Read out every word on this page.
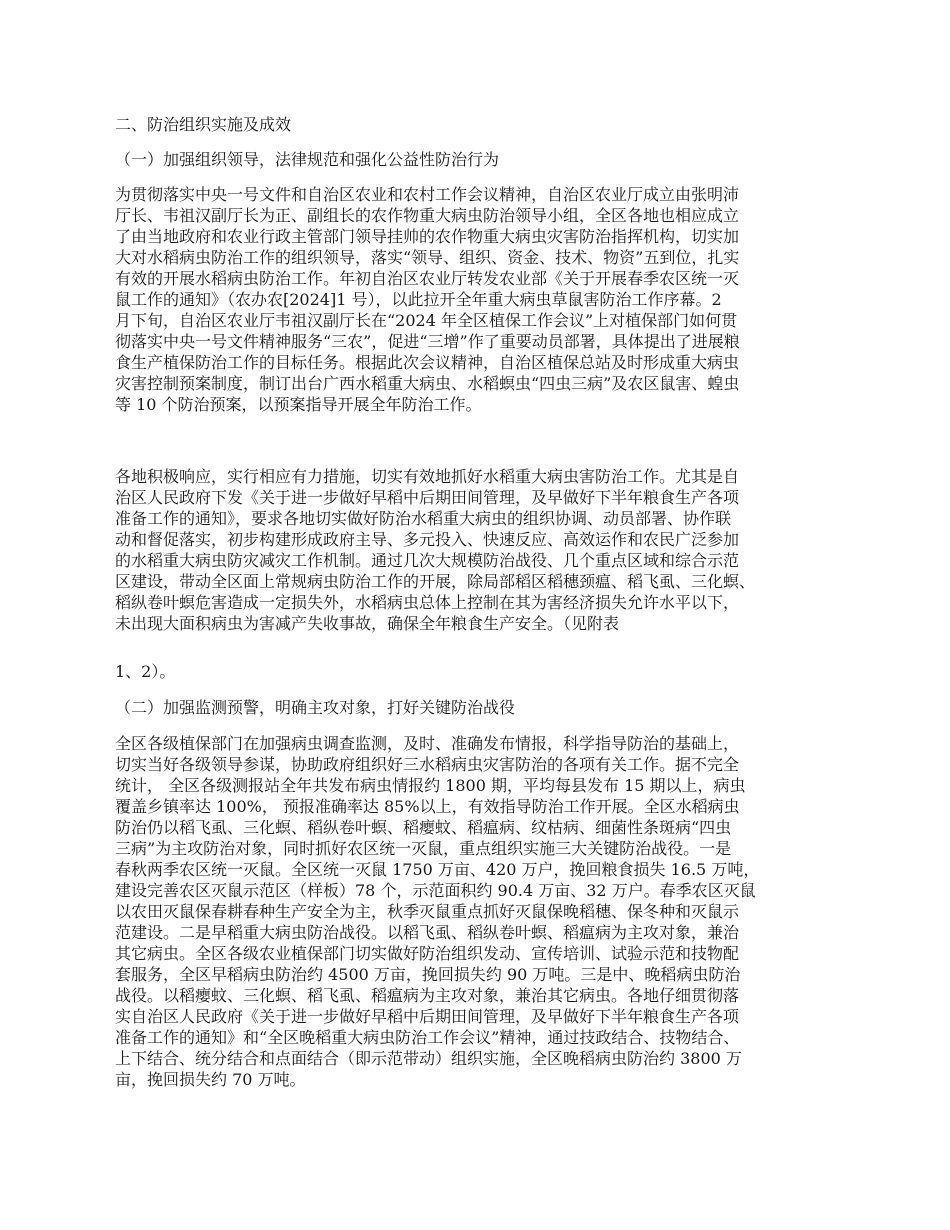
二、防治组织实施及成效
（一）加强组织领导，法律规范和强化公益性防治行为
为贯彻落实中央一号文件和自治区农业和农村工作会议精神，自治区农业厅成立由张明沛
厅长、韦祖汉副厅长为正、副组长的农作物重大病虫防治领导小组，全区各地也相应成立
了由当地政府和农业行政主管部门领导挂帅的农作物重大病虫灾害防治指挥机构，切实加
大对水稻病虫防治工作的组织领导，落实“领导、组织、资金、技术、物资”五到位，扎实
有效的开展水稻病虫防治工作。年初自治区农业厅转发农业部《关于开展春季农区统一灭
鼠工作的通知》（农办农[2024]1 号），以此拉开全年重大病虫草鼠害防治工作序幕。2
月下旬，自治区农业厅韦祖汉副厅长在“2024 年全区植保工作会议”上对植保部门如何贯
彻落实中央一号文件精神服务“三农”，促进“三增”作了重要动员部署，具体提出了进展粮
食生产植保防治工作的目标任务。根据此次会议精神，自治区植保总站及时形成重大病虫
灾害控制预案制度，制订出台广西水稻重大病虫、水稻螟虫“四虫三病”及农区鼠害、蝗虫
等 10 个防治预案，以预案指导开展全年防治工作。
各地积极响应，实行相应有力措施，切实有效地抓好水稻重大病虫害防治工作。尤其是自
治区人民政府下发《关于进一步做好早稻中后期田间管理，及早做好下半年粮食生产各项
准备工作的通知》，要求各地切实做好防治水稻重大病虫的组织协调、动员部署、协作联
动和督促落实，初步构建形成政府主导、多元投入、快速反应、高效运作和农民广泛参加
的水稻重大病虫防灾减灾工作机制。通过几次大规模防治战役、几个重点区域和综合示范
区建设，带动全区面上常规病虫防治工作的开展，除局部稻区稻穗颈瘟、稻飞虱、三化螟、
稻纵卷叶螟危害造成一定损失外，水稻病虫总体上控制在其为害经济损失允许水平以下，
未出现大面积病虫为害减产失收事故，确保全年粮食生产安全。（见附表
1、2）。
（二）加强监测预警，明确主攻对象，打好关键防治战役
全区各级植保部门在加强病虫调查监测，及时、准确发布情报，科学指导防治的基础上，
切实当好各级领导参谋，协助政府组织好三水稻病虫灾害防治的各项有关工作。据不完全
统计， 全区各级测报站全年共发布病虫情报约 1800 期，平均每县发布 15 期以上，病虫
覆盖乡镇率达 100%， 预报准确率达 85%以上，有效指导防治工作开展。全区水稻病虫
防治仍以稻飞虱、三化螟、稻纵卷叶螟、稻瘿蚊、稻瘟病、纹枯病、细菌性条斑病“四虫
三病”为主攻防治对象，同时抓好农区统一灭鼠，重点组织实施三大关键防治战役。一是
春秋两季农区统一灭鼠。全区统一灭鼠 1750 万亩、420 万户，挽回粮食损失 16.5 万吨，
建设完善农区灭鼠示范区（样板）78 个，示范面积约 90.4 万亩、32 万户。春季农区灭鼠
以农田灭鼠保春耕春种生产安全为主，秋季灭鼠重点抓好灭鼠保晚稻穗、保冬种和灭鼠示
范建设。二是早稻重大病虫防治战役。以稻飞虱、稻纵卷叶螟、稻瘟病为主攻对象，兼治
其它病虫。全区各级农业植保部门切实做好防治组织发动、宣传培训、试验示范和技物配
套服务，全区早稻病虫防治约 4500 万亩，挽回损失约 90 万吨。三是中、晚稻病虫防治
战役。以稻瘿蚊、三化螟、稻飞虱、稻瘟病为主攻对象，兼治其它病虫。各地仔细贯彻落
实自治区人民政府《关于进一步做好早稻中后期田间管理，及早做好下半年粮食生产各项
准备工作的通知》和“全区晚稻重大病虫防治工作会议”精神，通过技政结合、技物结合、
上下结合、统分结合和点面结合（即示范带动）组织实施，全区晚稻病虫防治约 3800 万
亩，挽回损失约 70 万吨。
